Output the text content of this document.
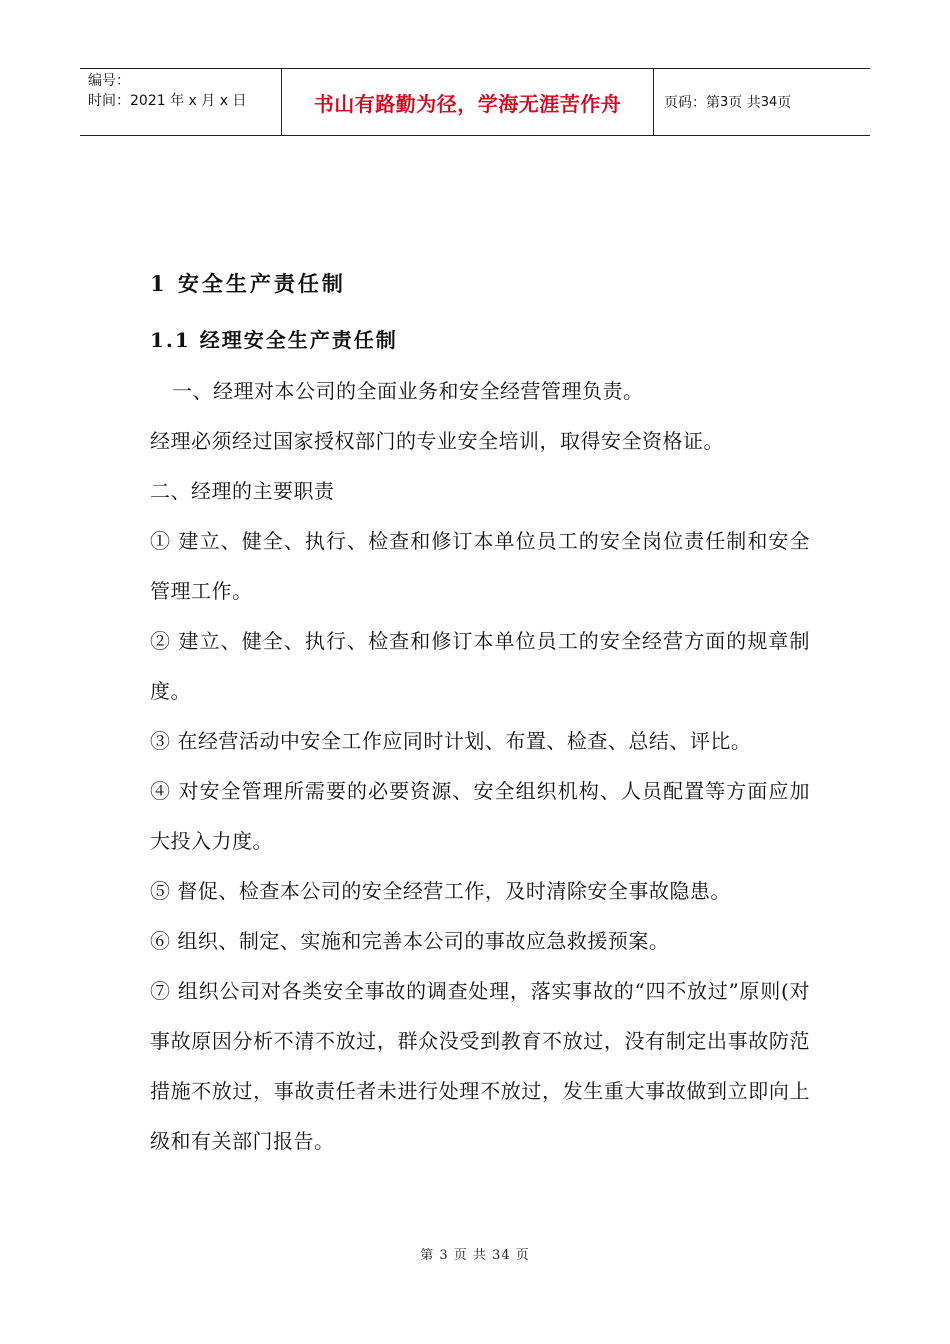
编号：
时间：2021 年 x 月 x 日	书山有路勤为径，学海无涯苦作舟	页码：第 3 页 共 34 页
1 安全生产责任制
1.1 经理安全生产责任制

一、经理对本公司的全面业务和安全经营管理负责。

经理必须经过国家授权部门的专业安全培训，取得安全资格证。

二、经理的主要职责

① 建立、健全、执行、检查和修订本单位员工的安全岗位责任制和安全管理工作。

② 建立、健全、执行、检查和修订本单位员工的安全经营方面的规章制度。

③ 在经营活动中安全工作应同时计划、布置、检查、总结、评比。

④ 对安全管理所需要的必要资源、安全组织机构、人员配置等方面应加大投入力度。

⑤ 督促、检查本公司的安全经营工作，及时清除安全事故隐患。

⑥ 组织、制定、实施和完善本公司的事故应急救援预案。

⑦ 组织公司对各类安全事故的调查处理，落实事故的“四不放过”原则(对事故原因分析不清不放过，群众没受到教育不放过，没有制定出事故防范措施不放过，事故责任者未进行处理不放过，发生重大事故做到立即向上级和有关部门报告。

第 3 页 共 34 页
